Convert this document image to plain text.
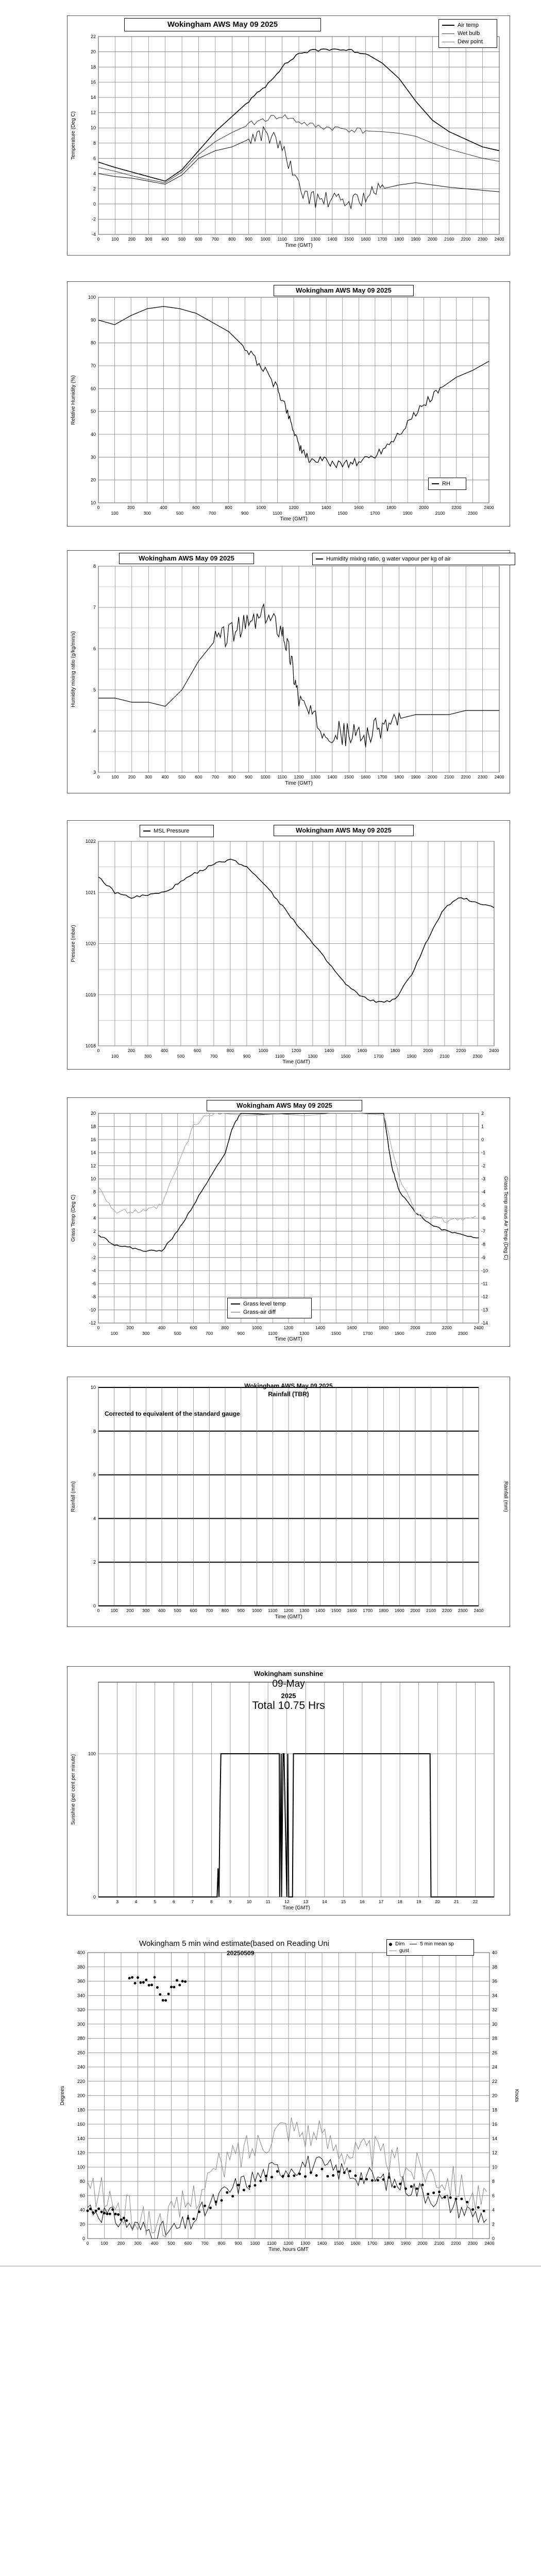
-4
-2
0
2
4
6
8
10
12
14
16
18
20
22
0	100 200 300 400 500 600 700 800 900 1000 1100 1200 1300 1400 1500 1600 1700 1800 1900 2000 2100 2200 2300 2400
Time (GMT)
Temperature (Deg C)
Wokingham AWS May 09 2025	Air temp
Wet bulb
Dew point
10
20
30
40
50
60
70
80
90
100
0	200	400	600	800	1000	1200	1400	1600	1800	2000	2200	2400
100	300	500	700	900	1100	1300	1500	1700	1900	2100	2300
Time (GMT)
Relative Humidity (%)
Wokingham AWS May 09 2025
RH
3
4
5
6
7
8
0	100 200 300 400 500 600 700 800 900 1000 1100 1200 1300 1400 1500 1600 1700 1800 1900 2000 2100 2200 2300 2400
Time (GMT)
Humidity mixing ratio (g/kg/min/s)
Wokingham AWS May 09 2025	Humidity mixing ratio, g water vapour per kg of air
1018
1019
1020
1021
1022
0	200	400	600	800	1000	1200	1400	1600	1800	2000	2200	2400
100	300	500	700	900	1100	1300	1500	1700	1900	2100	2300
Time (GMT)
Pressure (mbar)
MSL Pressure	Wokingham AWS May 09 2025
-12
-10
-8
-6
-4
-2
0
2
4
6
8
10
12
14
16
18
20
0	200	400	600	800	1000	1200	1400	1600	1800	2000	2200	2400
100	300	500	700	900	1100	1300	1500	1700	1900	2100	2300
Time (GMT)
Grass Temp (Deg C)	Grass Temp minus Air Temp (Deg C)
-14
-13
-12
-11
-10
-9
-8
-7
-6
-5
-4
-3
-2
-1
0
1
2
Wokingham AWS May 09 2025
Grass level temp
Grass-air diff
0
2
4
6
8
10
0	100 200 300 400 500 600 700 800 900 1000 1100 1200 1300 1400 1500 1600 1700 1800 1900 2000 2100 2200 2300 2400
Time (GMT)
Rainfall (mm)	Rainfall (mm)
Wokingham AWS May 09 2025
Rainfall (TBR)
Corrected to equivalent of the standard gauge
0
100
3	4	5	6	7	8	9	10	11	12	13	14	15	16	17	18	19	20	21	22
Time (GMT)
Sunshine (per cent per minute)
Wokingham sunshine
09-May
2025
Total 10.75 Hrs
0
20
40
60
80
100
120
140
160
180
200
220
240
260
280
300
320
340
360
380
400
0	100 200 300 400 500 600 700 800 900 1000 1100 1200 1300 1400 1500 1600 1700 1800 1900 2000 2100 2200 2300 2400
Time, hours GMT
Degrees	Knots
0
2
4
6
8
10
12
14
16
18
20
22
24
26
28
30
32
34
36
38
40
Wokingham 5 min wind estimate(based on Reading Uni
20250509
Dirn	5 min mean sp
gust
